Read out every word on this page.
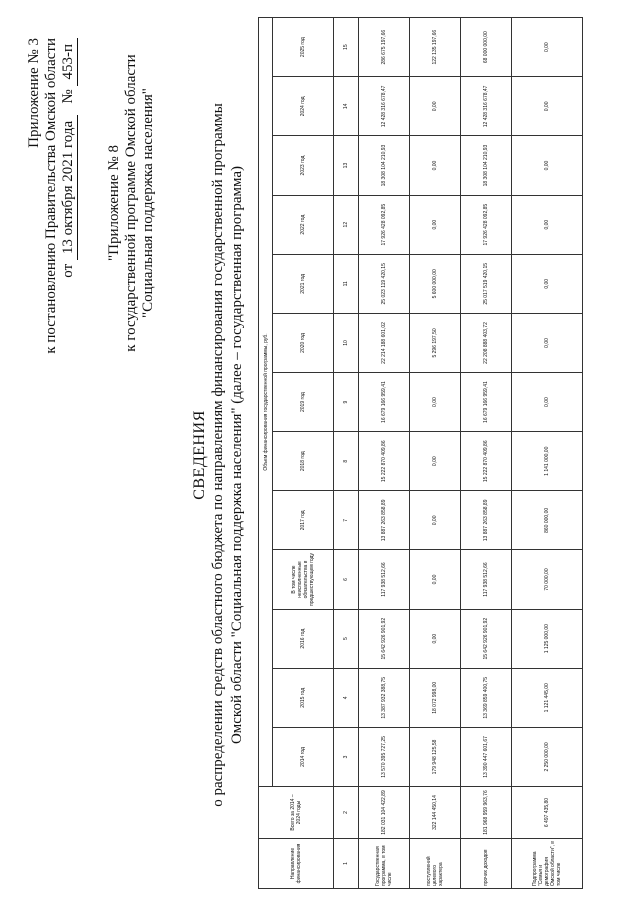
Приложение № 3 к постановлению Правительства Омской области от 13 октября 2021 года   № 453-п
"Приложение № 8 к государственной программе Омской области "Социальная поддержка населения"
СВЕДЕНИЯ о распределении средств областного бюджета по направлениям финансирования государственной программы Омской области "Социальная поддержка населения" (далее – государственная программа)
Направление финансирования	Всего за 2014 – 2024 годы	Объем финансирования государственной программы, руб.												
		2014 год	2015 год	2016 год	В том числе неисполненные обязательства в предшествующем году	2017 год	2018 год	2019 год	2020 год	2021 год	2022 год	2023 год	2024 год	2025 год
1	2	3	4	5	6	7	8	9	10	11	12	13	14	15
Государственная программа, в том числе	182 031 104 422,89	13 570 395 727,25	13 387 932 388,75	15 642 926 901,92	117 938 512,66	13 887 263 858,89	15 222 870 409,86	16 679 166 959,41	22 214 188 601,02	25 023 119 420,15	17 926 428 092,85	18 308 104 210,93	12 428 316 678,47	286 675 197,66
поступлений целевого характера	322 144 450,14	179 948 125,58	18 072 998,00	0,00	0,00	0,00	0,00	0,00	5 296 197,50	5 600 000,00	0,00	0,00	0,00	122 135 197,66
прочих доходов	181 968 959 963,76	13 390 447 601,67	13 369 859 400,75	15 642 926 901,92	117 938 512,66	13 887 263 858,89	15 222 870 409,86	16 679 166 959,41	22 208 888 403,72	25 017 519 420,15	17 926 428 092,85	18 308 104 210,93	12 428 316 678,47	68 000 000,00
Подпрограмма "Семья и демография Омской области", в том числе	6 497 435,80	2 250 000,00	1 121 445,00	1 125 000,00	70 000,00	860 000,00	1 141 000,00	0,00	0,00	0,00	0,00	0,00	0,00	0,00
